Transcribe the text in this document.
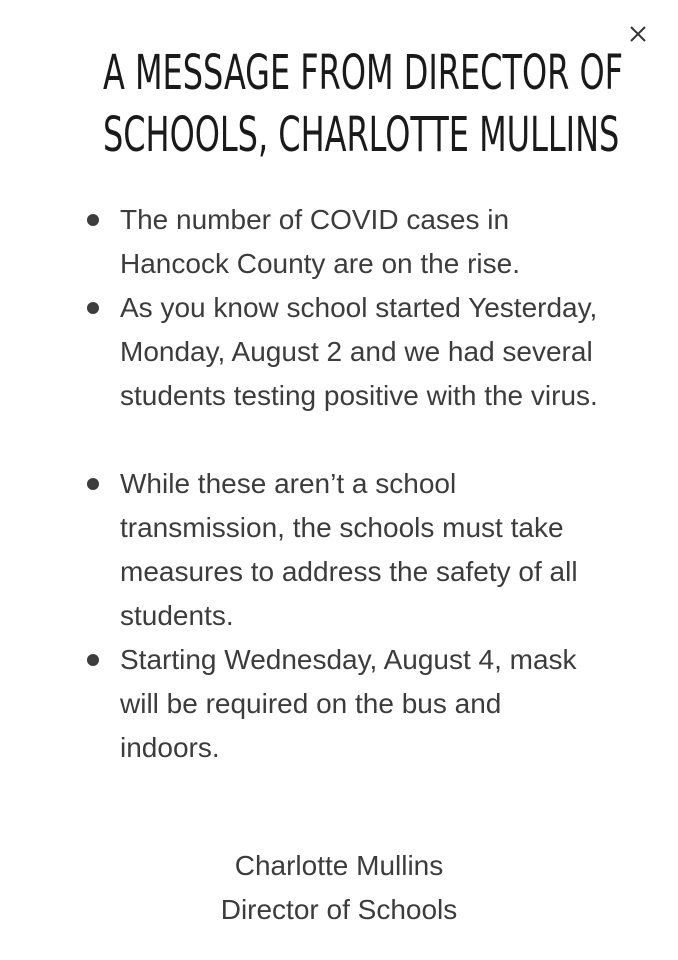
A MESSAGE FROM DIRECTOR OF
SCHOOLS, CHARLOTTE MULLINS
The number of COVID cases in
Hancock County are on the rise.
As you know school started Yesterday,
Monday, August 2 and we had several
students testing positive with the virus.
While these aren’t a school
transmission, the schools must take
measures to address the safety of all
students.
Starting Wednesday, August 4, mask
will be required on the bus and
indoors.
Charlotte Mullins
Director of Schools
